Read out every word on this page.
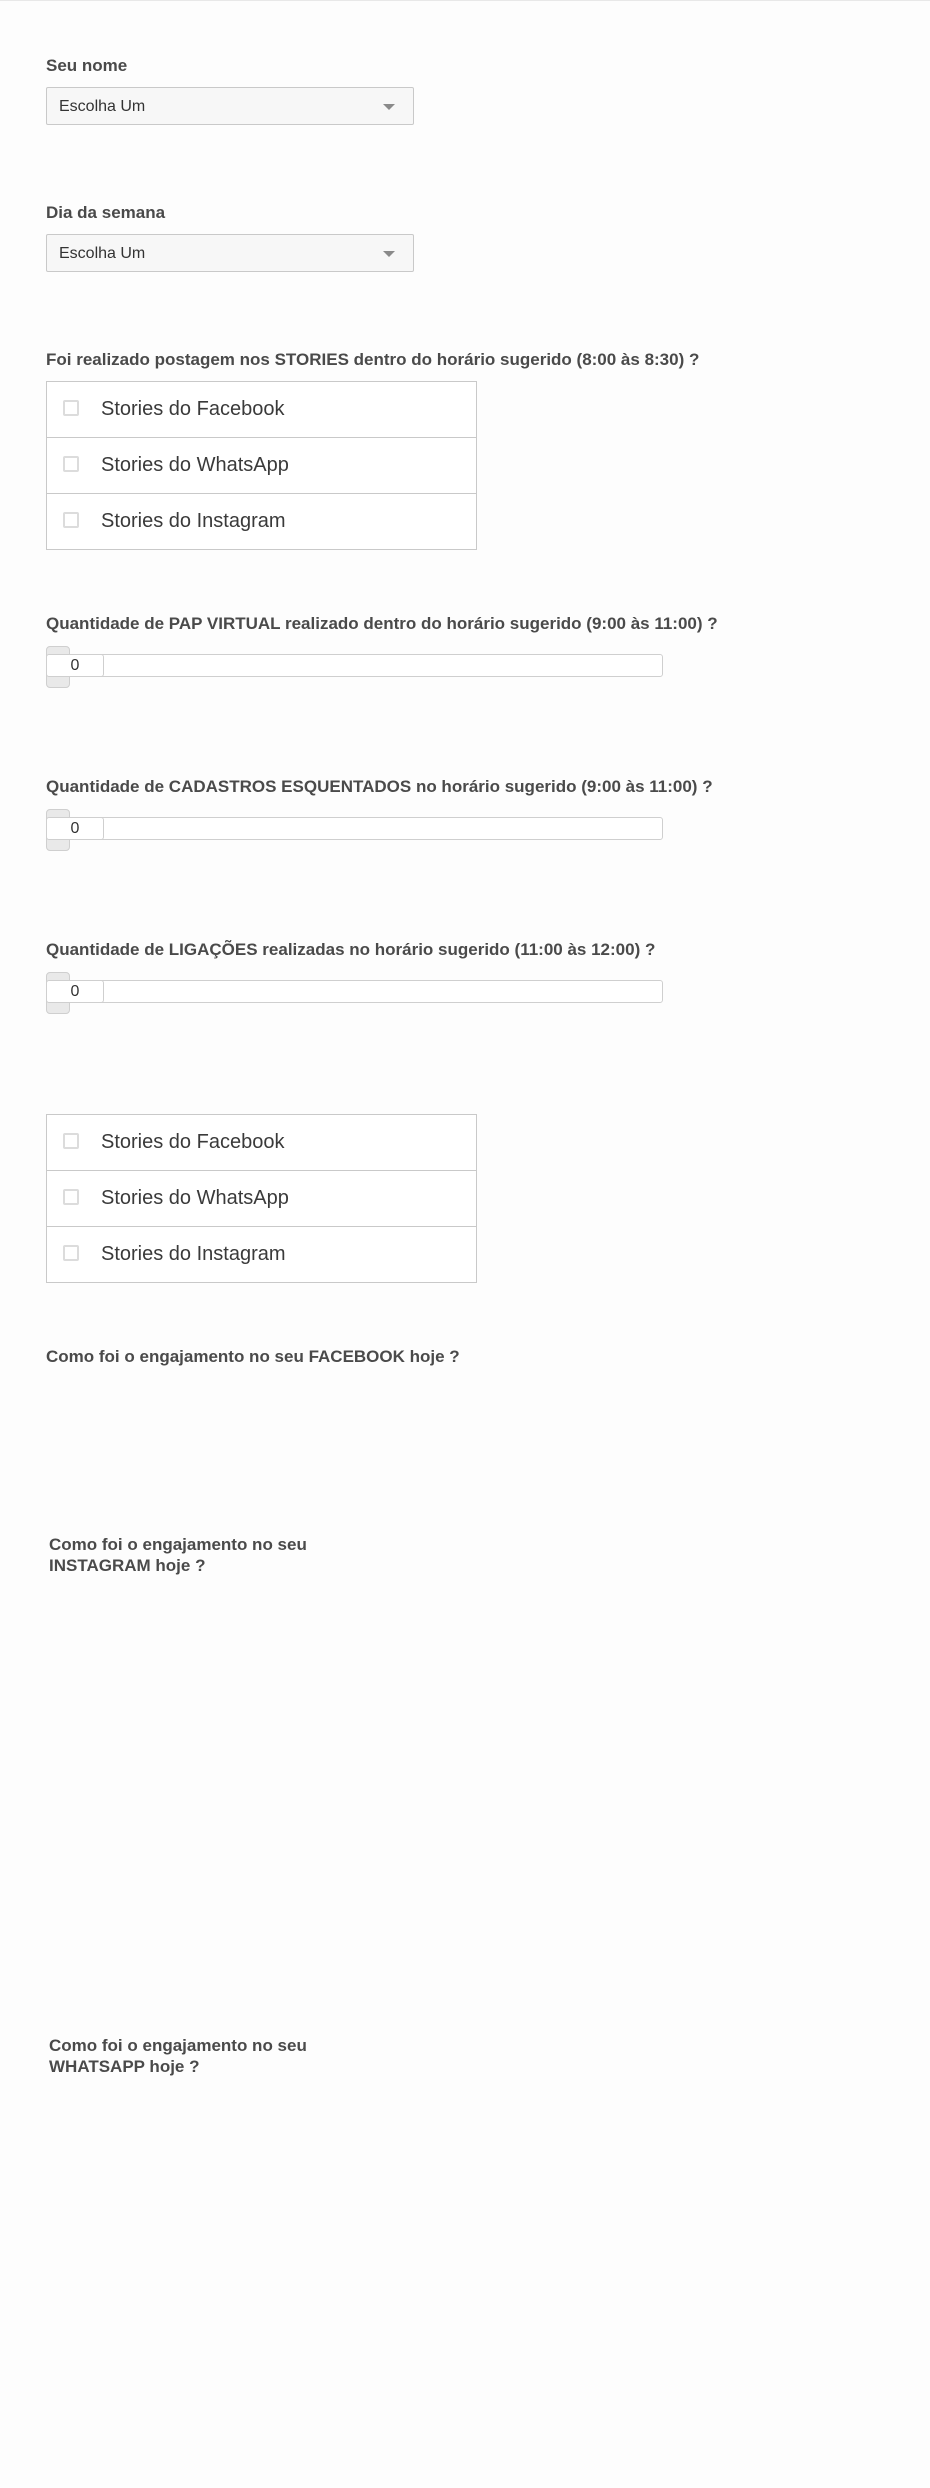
Seu nome
Escolha Um
Dia da semana
Escolha Um
Foi realizado postagem nos STORIES dentro do horário sugerido (8:00 às 8:30) ?
Stories do Facebook
Stories do WhatsApp
Stories do Instagram
Quantidade de PAP VIRTUAL realizado dentro do horário sugerido (9:00 às 11:00) ?
0
Quantidade de CADASTROS ESQUENTADOS no horário sugerido (9:00 às 11:00) ?
0
Quantidade de LIGAÇÕES realizadas no horário sugerido (11:00 às 12:00) ?
0
Stories do Facebook
Stories do WhatsApp
Stories do Instagram
Como foi o engajamento no seu FACEBOOK hoje ?
Como foi o engajamento no seu INSTAGRAM hoje ?
Como foi o engajamento no seu WHATSAPP hoje ?
